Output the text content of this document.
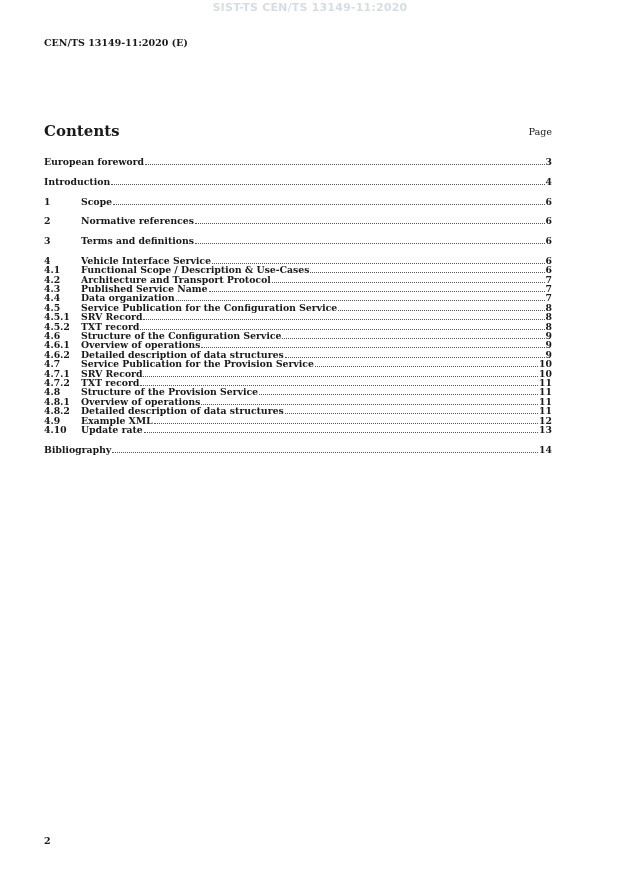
SIST-TS CEN/TS 13149-11:2020
CEN/TS 13149-11:2020 (E)
Contents	Page
European foreword	3
Introduction	4
1	Scope	6
2	Normative references	6
3	Terms and definitions	6
4	Vehicle Interface Service	6
4.1	Functional Scope / Description & Use-Cases	6
4.2	Architecture and Transport Protocol	7
4.3	Published Service Name	7
4.4	Data organization	7
4.5	Service Publication for the Configuration Service	8
4.5.1	SRV Record	8
4.5.2	TXT record	8
4.6	Structure of the Configuration Service	9
4.6.1	Overview of operations	9
4.6.2	Detailed description of data structures	9
4.7	Service Publication for the Provision Service	10
4.7.1	SRV Record	10
4.7.2	TXT record	11
4.8	Structure of the Provision Service	11
4.8.1	Overview of operations	11
4.8.2	Detailed description of data structures	11
4.9	Example XML	12
4.10	Update rate	13
Bibliography	14
2
